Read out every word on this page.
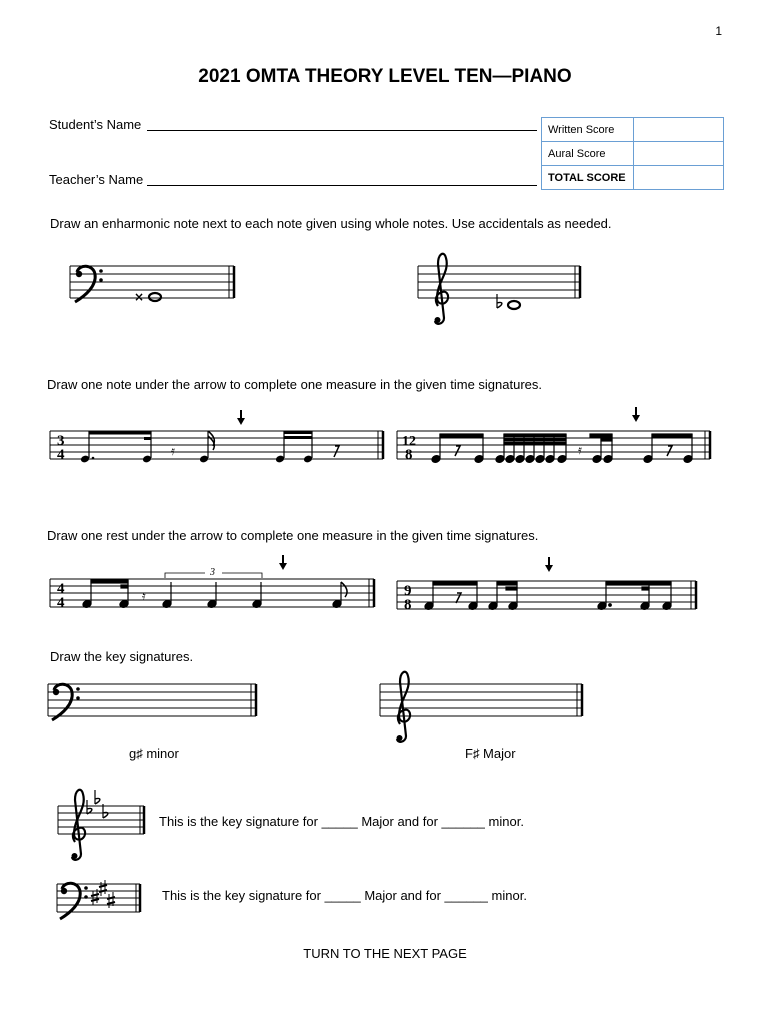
1
2021 OMTA THEORY LEVEL TEN—PIANO
Student’s Name
Teacher’s Name
Written Score	
Aural Score	
TOTAL SCORE	
Draw an enharmonic note next to each note given using whole notes. Use accidentals as needed.
Draw one note under the arrow to complete one measure in the given time signatures.
Draw one rest under the arrow to complete one measure in the given time signatures.
Draw the key signatures.
g♯ minor	F♯ Major
This is the key signature for _____ Major and for ______ minor.
This is the key signature for _____ Major and for ______ minor.
TURN TO THE NEXT PAGE
×
3
4	𝄿
12
8	𝄿
4
4	𝄿
3
9
8
